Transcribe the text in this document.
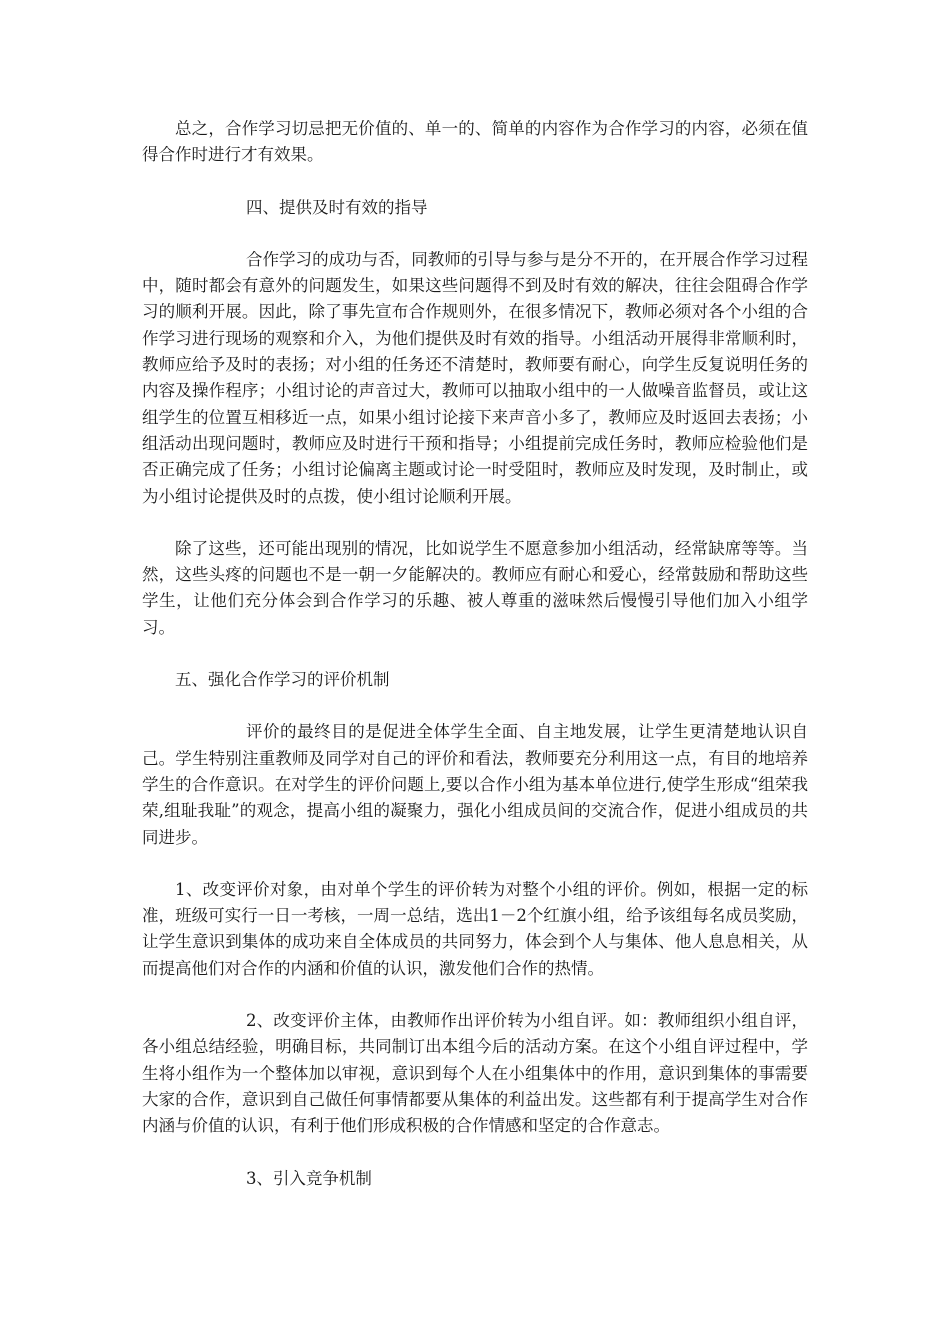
总之，合作学习切忌把无价值的、单一的、简单的内容作为合作学习的内容，必须在值得合作时进行才有效果。

四、提供及时有效的指导

合作学习的成功与否，同教师的引导与参与是分不开的，在开展合作学习过程中，随时都会有意外的问题发生，如果这些问题得不到及时有效的解决，往往会阻碍合作学习的顺利开展。因此，除了事先宣布合作规则外，在很多情况下，教师必须对各个小组的合作学习进行现场的观察和介入，为他们提供及时有效的指导。小组活动开展得非常顺利时，教师应给予及时的表扬；对小组的任务还不清楚时，教师要有耐心，向学生反复说明任务的内容及操作程序；小组讨论的声音过大，教师可以抽取小组中的一人做噪音监督员，或让这组学生的位置互相移近一点，如果小组讨论接下来声音小多了，教师应及时返回去表扬；小组活动出现问题时，教师应及时进行干预和指导；小组提前完成任务时，教师应检验他们是否正确完成了任务；小组讨论偏离主题或讨论一时受阻时，教师应及时发现，及时制止，或为小组讨论提供及时的点拨，使小组讨论顺利开展。

除了这些，还可能出现别的情况，比如说学生不愿意参加小组活动，经常缺席等等。当然，这些头疼的问题也不是一朝一夕能解决的。教师应有耐心和爱心，经常鼓励和帮助这些学生，让他们充分体会到合作学习的乐趣、被人尊重的滋味然后慢慢引导他们加入小组学习。

五、强化合作学习的评价机制

评价的最终目的是促进全体学生全面、自主地发展，让学生更清楚地认识自己。学生特别注重教师及同学对自己的评价和看法，教师要充分利用这一点，有目的地培养学生的合作意识。在对学生的评价问题上,要以合作小组为基本单位进行,使学生形成“组荣我荣,组耻我耻”的观念，提高小组的凝聚力，强化小组成员间的交流合作，促进小组成员的共同进步。

1、改变评价对象，由对单个学生的评价转为对整个小组的评价。例如，根据一定的标准，班级可实行一日一考核，一周一总结，选出1－2个红旗小组，给予该组每名成员奖励，让学生意识到集体的成功来自全体成员的共同努力，体会到个人与集体、他人息息相关，从而提高他们对合作的内涵和价值的认识，激发他们合作的热情。

2、改变评价主体，由教师作出评价转为小组自评。如：教师组织小组自评，各小组总结经验，明确目标，共同制订出本组今后的活动方案。在这个小组自评过程中，学生将小组作为一个整体加以审视，意识到每个人在小组集体中的作用，意识到集体的事需要大家的合作，意识到自己做任何事情都要从集体的利益出发。这些都有利于提高学生对合作内涵与价值的认识，有利于他们形成积极的合作情感和坚定的合作意志。

3、引入竞争机制
